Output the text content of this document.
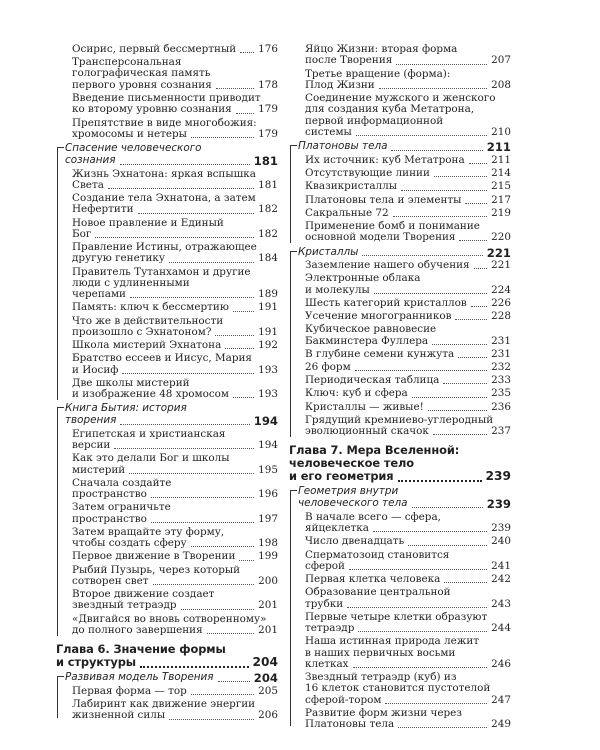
Осирис, первый бессмертный 176
Трансперсональная
голографическая память
первого уровня сознания	178
Введение письменности приводит
ко второму уровню сознания	179
Препятствие в виде многобожия:
хромосомы и нетеры	179
Спасение человеческого
сознания	181
Жизнь Эхнатона: яркая вспышка
Света	181
Создание тела Эхнатона, а затем
Нефертити	182
Новое правление и Единый
Бог	182
Правление Истины, отражающее
другую генетику	184
Правитель Тутанхамон и другие
люди с удлиненными
черепами	189
Память: ключ к бессмертию	191
Что же в действительности
произошло с Эхнатоном?	191
Школа мистерий Эхнатона	192
Братство ессеев и Иисус, Мария
и Иосиф	193
Две школы мистерий
и изображение 48 хромосом	193
Книга Бытия: история
творения	194
Египетская и христианская
версии	194
Как это делали Бог и школы
мистерий	195
Сначала создайте
пространство	196
Затем ограничьте
пространство	197
Затем вращайте эту форму,
чтобы создать сферу	198
Первое движение в Творении 199
Рыбий Пузырь, через который
сотворен свет	200
Второе движение создает
звездный тетраэдр	201
«Двигайся во вновь сотворенному»
до полного завершения	201
Глава 6. Значение формы
и структуры	204
Развивая модель Творения	204
Первая форма — тор	205
Лабиринт как движение энергии
жизненной силы	206
Яйцо Жизни: вторая форма
после Творения	207
Третье вращение (форма):
Плод Жизни	208
Соединение мужского и женского
для создания куба Метатрона,
первой информационной
системы	210
Платоновы тела	211
Их источник: куб Метатрона	211
Отсутствующие линии	214
Квазикристаллы	215
Платоновы тела и элементы	217
Сакральные 72	219
Применение бомб и понимание
основной модели Творения	220
Кристаллы	221
Заземление нашего обучения 221
Электронные облака
и молекулы	224
Шесть категорий кристаллов 226
Усечение многогранников	228
Кубическое равновесие
Бакминстера Фуллера	231
В глубине семени кунжута	231
26 форм	232
Периодическая таблица	233
Ключ: куб и сфера	235
Кристаллы — живые!	236
Грядущий кремниево-углеродный
эволюционный скачок	237
Глава 7. Мера Вселенной:
человеческое тело
и его геометрия	239
Геометрия внутри
человеческого тела	239
В начале всего — сфера,
яйцеклетка	239
Число двенадцать	240
Сперматозоид становится
сферой	241
Первая клетка человека	242
Образование центральной
трубки	243
Первые четыре клетки образуют
тетраэдр	244
Наша истинная природа лежит
в наших первичных восьми
клетках	246
Звездный тетраэдр (куб) из
16 клеток становится пустотелой
сферой-тором	247
Развитие форм жизни через
Платоновы тела	249
